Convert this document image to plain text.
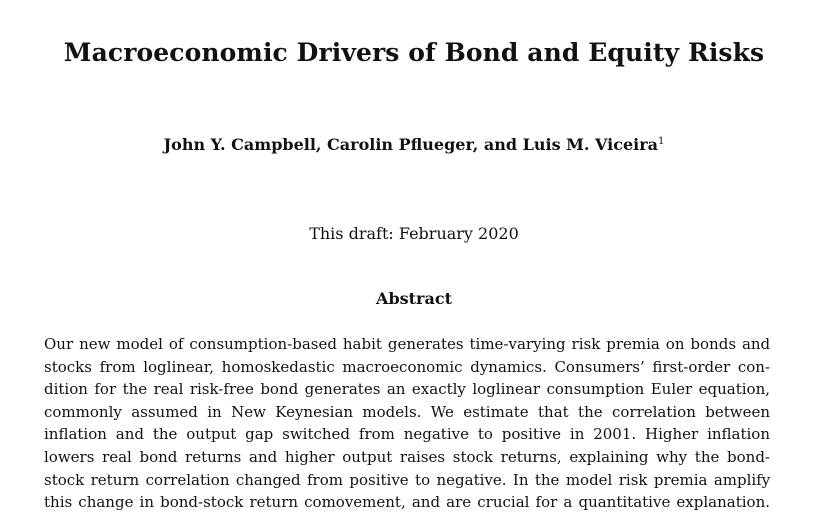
Macroeconomic Drivers of Bond and Equity Risks

John Y. Campbell, Carolin Pflueger, and Luis M. Viceira$^1$

This draft: February 2020

Abstract
Our new model of consumption-based habit generates time-varying risk premia on bonds and
stocks from loglinear, homoskedastic macroeconomic dynamics. Consumers’ first-order con-
dition for the real risk-free bond generates an exactly loglinear consumption Euler equation,
commonly assumed in New Keynesian models. We estimate that the correlation between
inflation and the output gap switched from negative to positive in 2001. Higher inflation
lowers real bond returns and higher output raises stock returns, explaining why the bond-
stock return correlation changed from positive to negative. In the model risk premia amplify
this change in bond-stock return comovement, and are crucial for a quantitative explanation.
